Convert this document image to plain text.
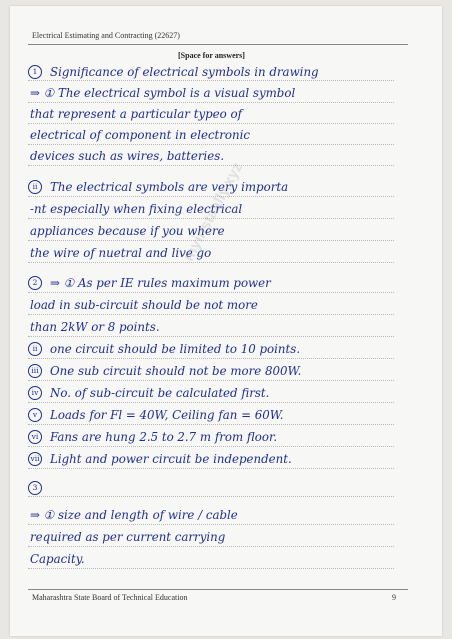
Electrical Estimating and Contracting (22627)
[Space for answers]
1	Significance of electrical symbols in drawing
⇒ ① The electrical symbol is a visual symbol
that represent a particular typeo of
electrical of component in electronic
devices such as wires, batteries.
ii	The electrical symbols are very importa
-nt especially when fixing electrical
appliances because if you where
the wire of nuetral and live go
2	⇒ ① As per IE rules maximum power
load in sub-circuit should be not more
than 2kW or 8 points.
ii	one circuit should be limited to 10 points.
iii One sub circuit should not be more 800W.
iv No. of sub-circuit be calculated first.
v	Loads for Fl = 40W, Ceiling fan = 60W.
vi Fans are hung 2.5 to 2.7 m from floor.
vii Light and power circuit be independent.
3
⇒ ① size and length of wire / cable
required as per current carrying
Capacity.
myinstaally.xyz
Maharashtra State Board of Technical Education	9
